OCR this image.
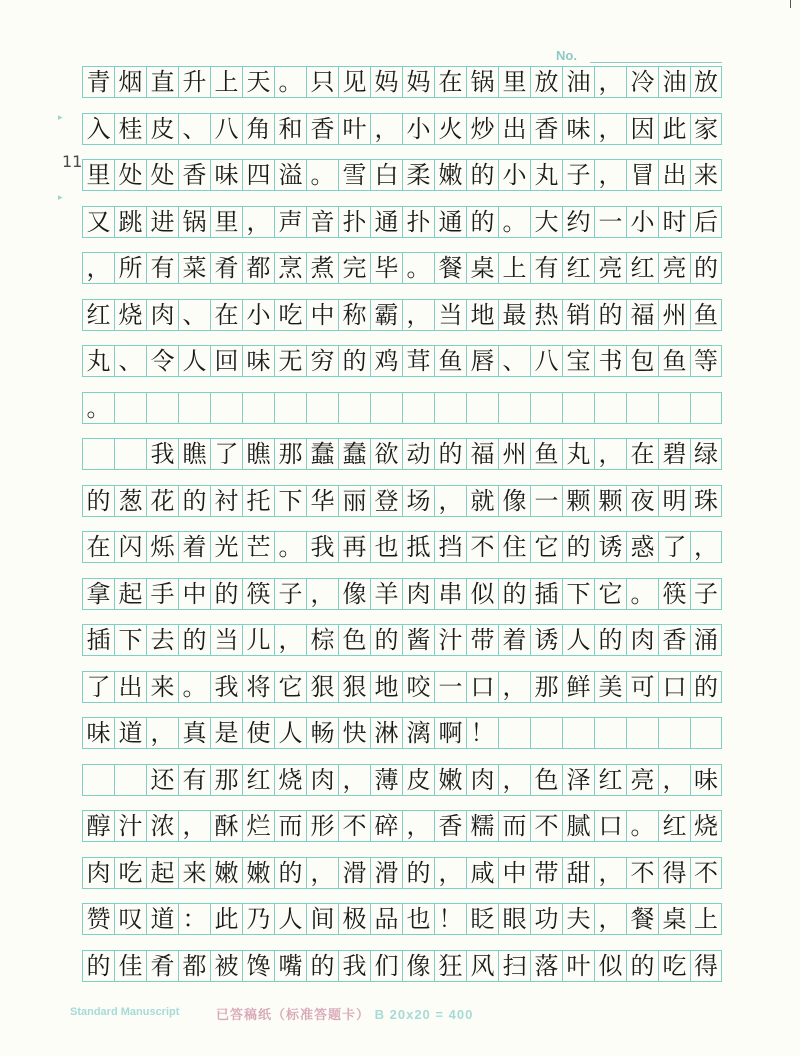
No.
▸
11
▸
青 烟 直 升 上 天 。 只 见 妈 妈 在 锅 里 放 油 ， 冷 油 放
入 桂 皮 、 八 角 和 香 叶 ， 小 火 炒 出 香 味 ， 因 此 家
里 处 处 香 味 四 溢 。 雪 白 柔 嫩 的 小 丸 子 ， 冒 出 来
又 跳 进 锅 里 ， 声 音 扑 通 扑 通 的 。 大 约 一 小 时 后
， 所 有 菜 肴 都 烹 煮 完 毕 。 餐 桌 上 有 红 亮 红 亮 的
红 烧 肉 、 在 小 吃 中 称 霸 ， 当 地 最 热 销 的 福 州 鱼
丸 、 令 人 回 味 无 穷 的 鸡 茸 鱼 唇 、 八 宝 书 包 鱼 等
。
我 瞧 了 瞧 那 蠢 蠢 欲 动 的 福 州 鱼 丸 ， 在 碧 绿
的 葱 花 的 衬 托 下 华 丽 登 场 ， 就 像 一 颗 颗 夜 明 珠
在 闪 烁 着 光 芒 。 我 再 也 抵 挡 不 住 它 的 诱 惑 了 ，
拿 起 手 中 的 筷 子 ， 像 羊 肉 串 似 的 插 下 它 。 筷 子
插 下 去 的 当 儿 ， 棕 色 的 酱 汁 带 着 诱 人 的 肉 香 涌
了 出 来 。 我 将 它 狠 狠 地 咬 一 口 ， 那 鲜 美 可 口 的
味 道 ， 真 是 使 人 畅 快 淋 漓 啊 ！
还 有 那 红 烧 肉 ， 薄 皮 嫩 肉 ， 色 泽 红 亮 ， 味
醇 汁 浓 ， 酥 烂 而 形 不 碎 ， 香 糯 而 不 腻 口 。 红 烧
肉 吃 起 来 嫩 嫩 的 ， 滑 滑 的 ， 咸 中 带 甜 ， 不 得 不
赞 叹 道 ： 此 乃 人 间 极 品 也 ！ 眨 眼 功 夫 ， 餐 桌 上
的 佳 肴 都 被 馋 嘴 的 我 们 像 狂 风 扫 落 叶 似 的 吃 得
Standard Manuscript	已答稿纸（标准答题卡） B 20x20 = 400
